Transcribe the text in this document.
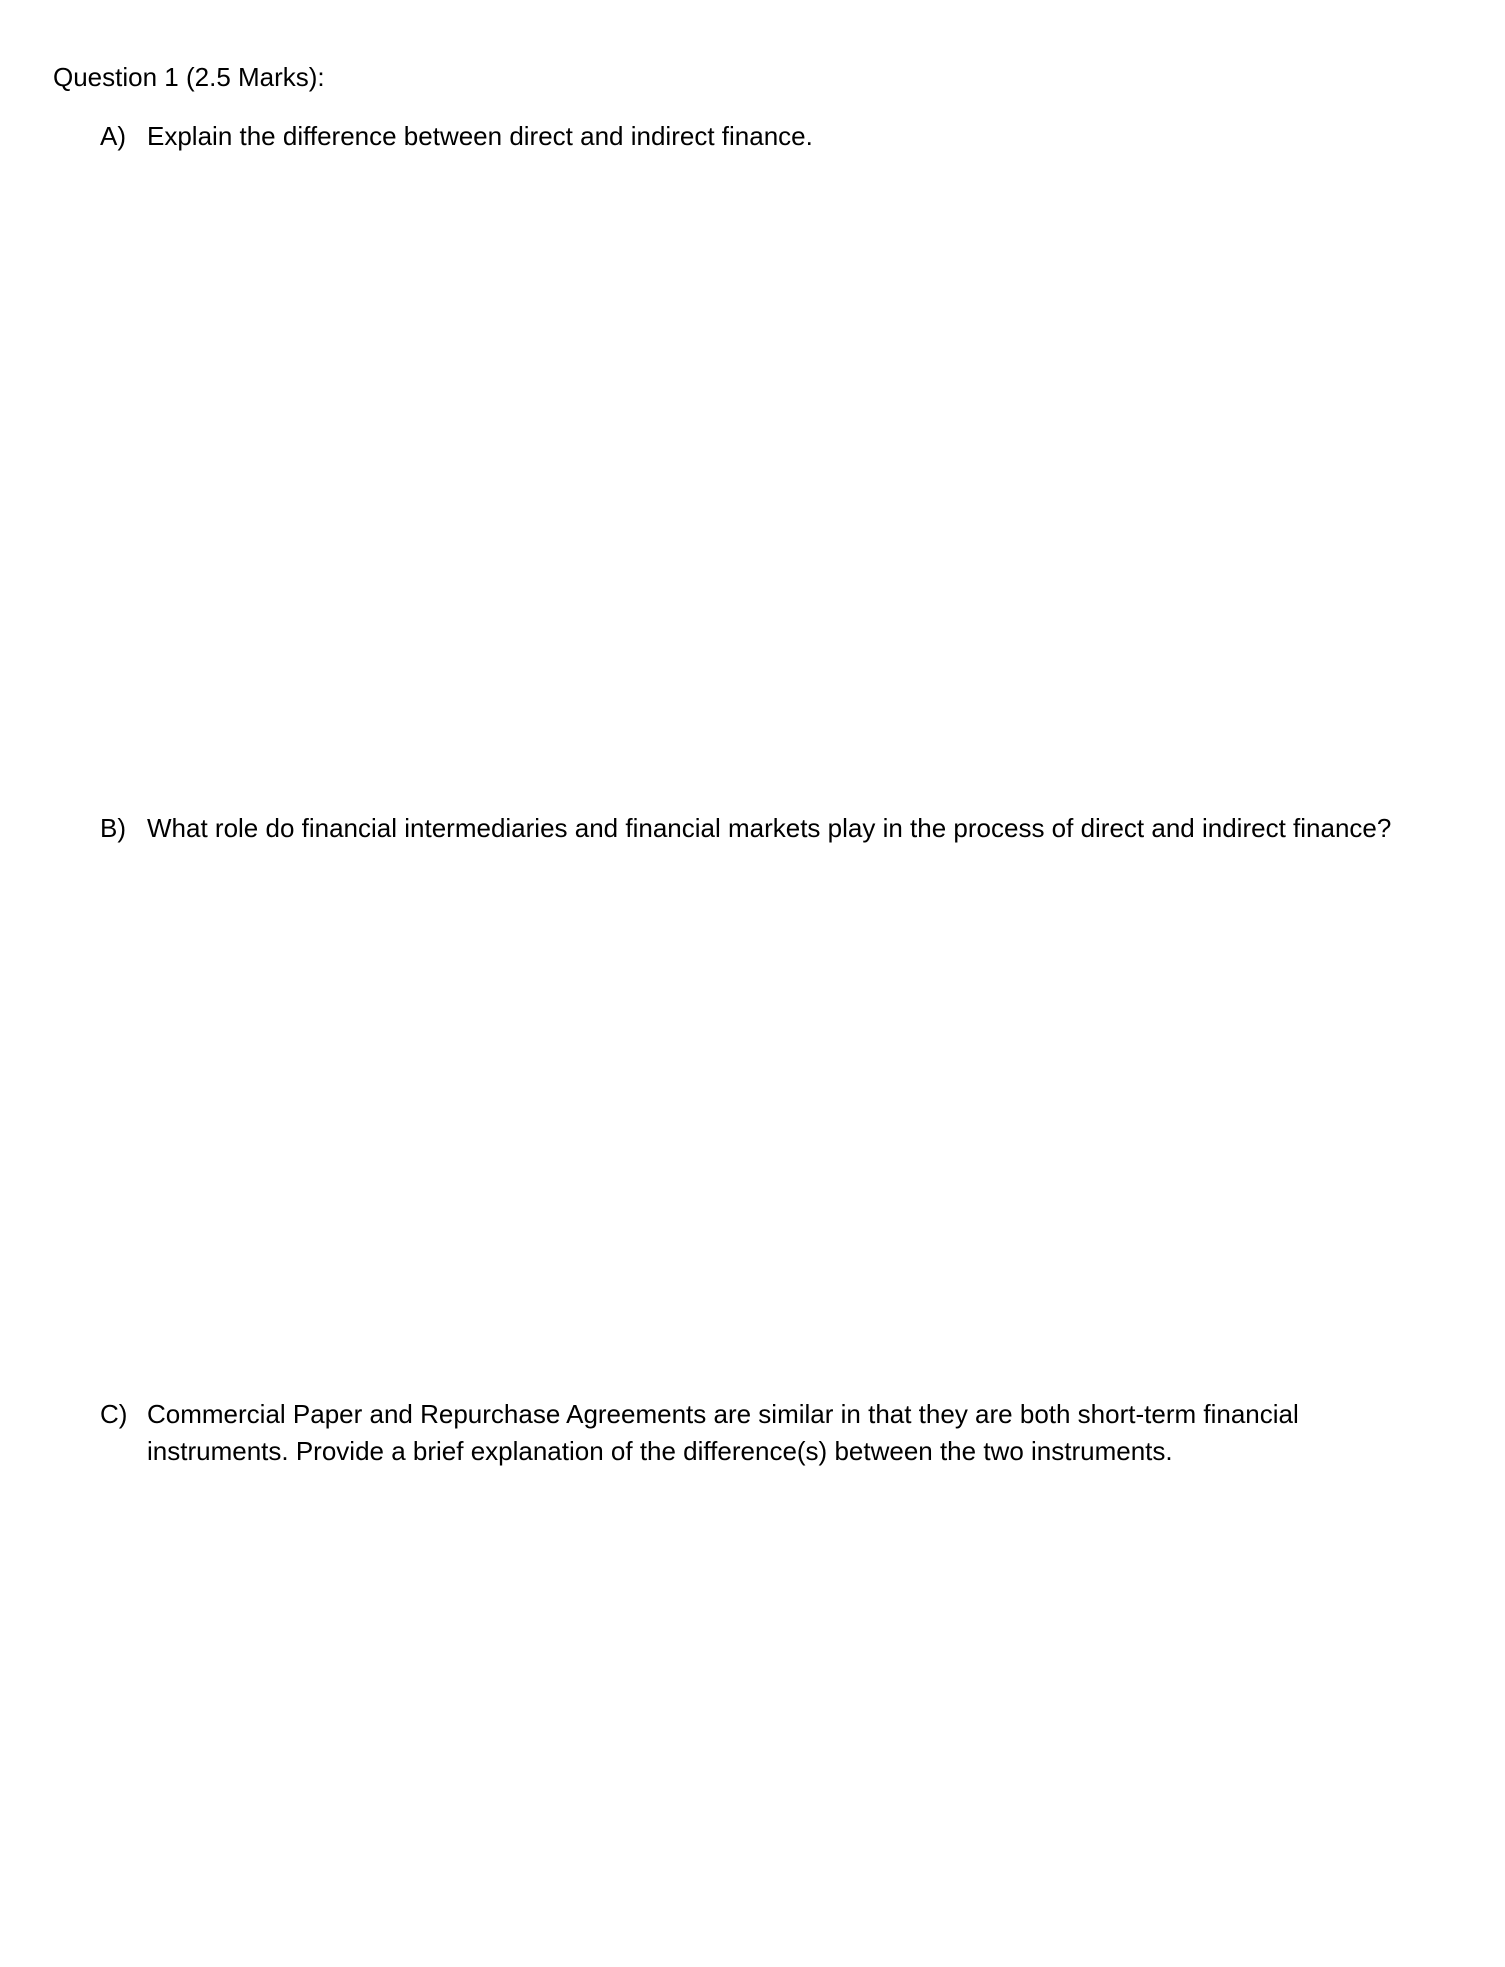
Question 1 (2.5 Marks):
A) Explain the difference between direct and indirect finance.
B) What role do financial intermediaries and financial markets play in the process of direct and indirect finance?
C) Commercial Paper and Repurchase Agreements are similar in that they are both short-term financial instruments. Provide a brief explanation of the difference(s) between the two instruments.
